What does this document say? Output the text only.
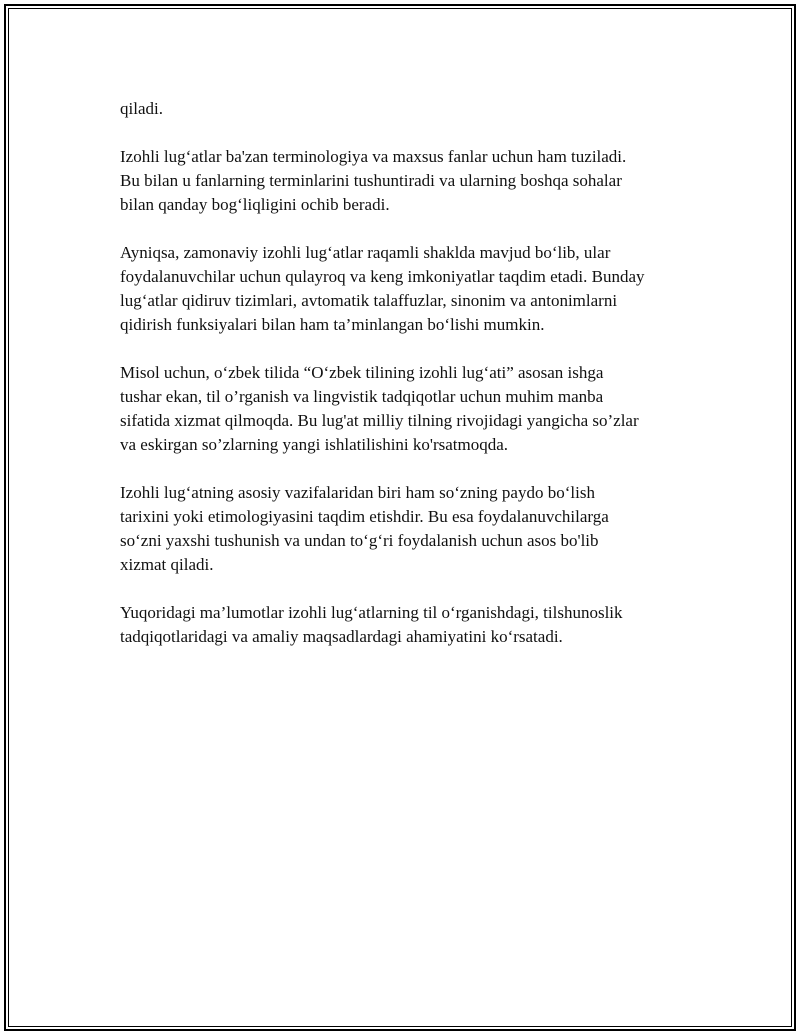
qiladi.

Izohli lug‘atlar ba'zan terminologiya va maxsus fanlar uchun ham tuziladi.
Bu bilan u fanlarning terminlarini tushuntiradi va ularning boshqa sohalar
bilan qanday bog‘liqligini ochib beradi.

Ayniqsa, zamonaviy izohli lug‘atlar raqamli shaklda mavjud bo‘lib, ular
foydalanuvchilar uchun qulayroq va keng imkoniyatlar taqdim etadi. Bunday
lug‘atlar qidiruv tizimlari, avtomatik talaffuzlar, sinonim va antonimlarni
qidirish funksiyalari bilan ham ta’minlangan bo‘lishi mumkin.

Misol uchun, o‘zbek tilida “O‘zbek tilining izohli lug‘ati” asosan ishga
tushar ekan, til o’rganish va lingvistik tadqiqotlar uchun muhim manba
sifatida xizmat qilmoqda. Bu lug'at milliy tilning rivojidagi yangicha so’zlar
va eskirgan so’zlarning yangi ishlatilishini ko'rsatmoqda.

Izohli lug‘atning asosiy vazifalaridan biri ham so‘zning paydo bo‘lish
tarixini yoki etimologiyasini taqdim etishdir. Bu esa foydalanuvchilarga
so‘zni yaxshi tushunish va undan to‘g‘ri foydalanish uchun asos bo'lib
xizmat qiladi.

Yuqoridagi ma’lumotlar izohli lug‘atlarning til o‘rganishdagi, tilshunoslik
tadqiqotlaridagi va amaliy maqsadlardagi ahamiyatini ko‘rsatadi.
